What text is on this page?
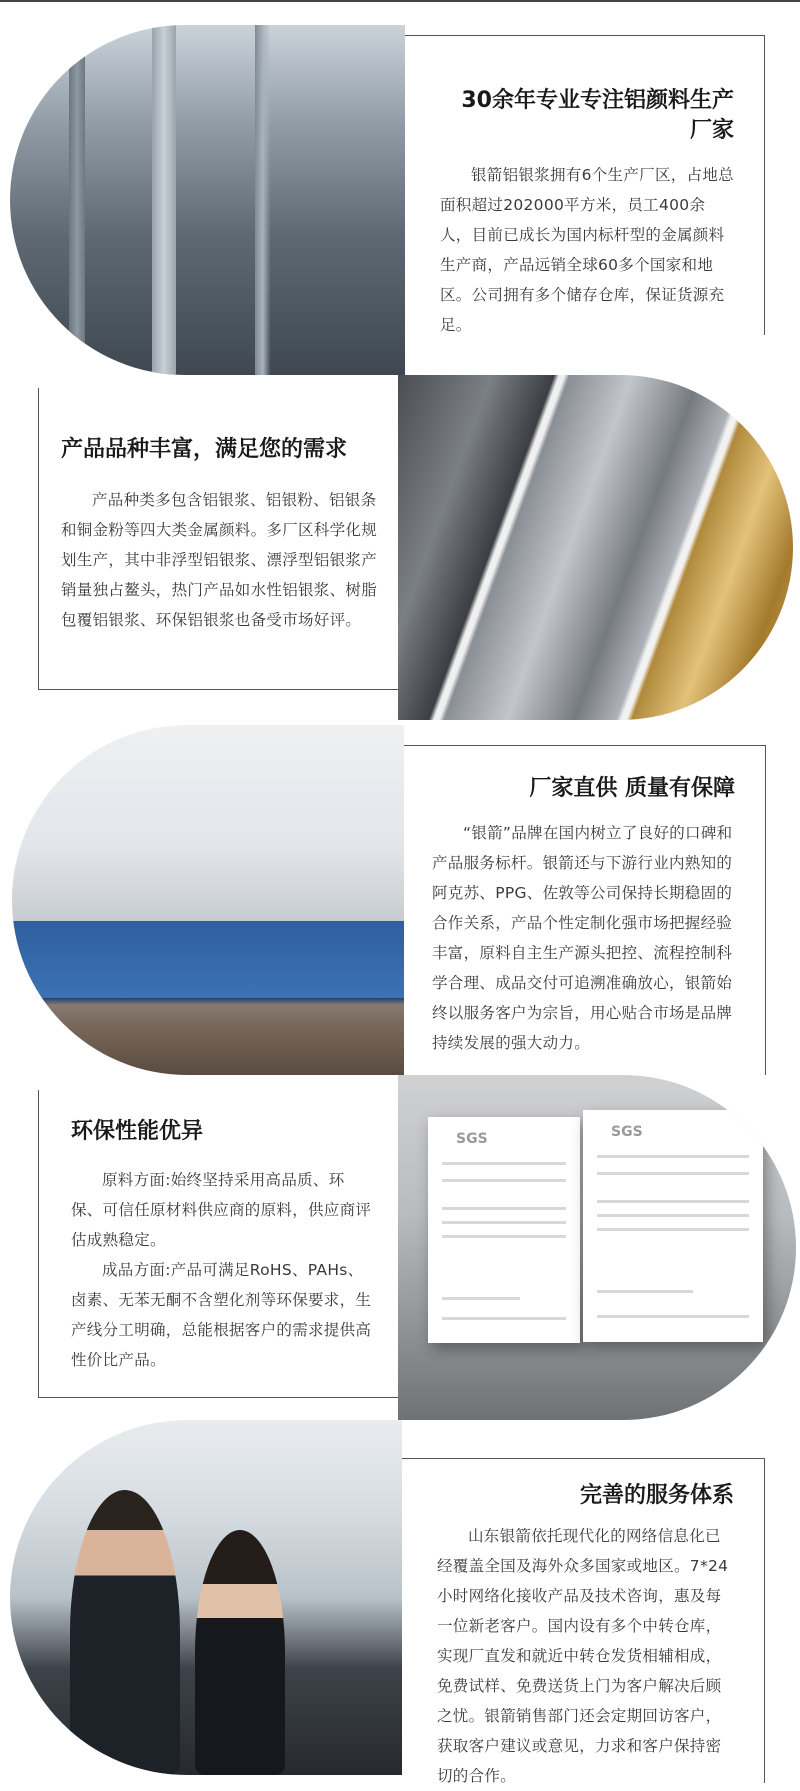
30余年专业专注铝颜料生产厂家

银箭铝银浆拥有6个生产厂区，占地总面积超过202000平方米，员工400余人，目前已成长为国内标杆型的金属颜料生产商，产品远销全球60多个国家和地区。公司拥有多个储存仓库，保证货源充足。

产品品种丰富，满足您的需求

产品种类多包含铝银浆、铝银粉、铝银条和铜金粉等四大类金属颜料。多厂区科学化规划生产，其中非浮型铝银浆、漂浮型铝银浆产销量独占鳌头，热门产品如水性铝银浆、树脂包覆铝银浆、环保铝银浆也备受市场好评。

厂家直供 质量有保障

“银箭”品牌在国内树立了良好的口碑和产品服务标杆。银箭还与下游行业内熟知的阿克苏、PPG、佐敦等公司保持长期稳固的合作关系，产品个性定制化强市场把握经验丰富，原料自主生产源头把控、流程控制科学合理、成品交付可追溯准确放心，银箭始终以服务客户为宗旨，用心贴合市场是品牌持续发展的强大动力。

环保性能优异

原料方面:始终坚持采用高品质、环保、可信任原材料供应商的原料，供应商评估成熟稳定。

成品方面:产品可满足RoHS、PAHs、卤素、无苯无酮不含塑化剂等环保要求，生产线分工明确，总能根据客户的需求提供高性价比产品。

SGS	SGS
完善的服务体系

山东银箭依托现代化的网络信息化已经覆盖全国及海外众多国家或地区。7*24小时网络化接收产品及技术咨询，惠及每一位新老客户。国内设有多个中转仓库，实现厂直发和就近中转仓发货相辅相成，免费试样、免费送货上门为客户解决后顾之忧。银箭销售部门还会定期回访客户，获取客户建议或意见，力求和客户保持密切的合作。
